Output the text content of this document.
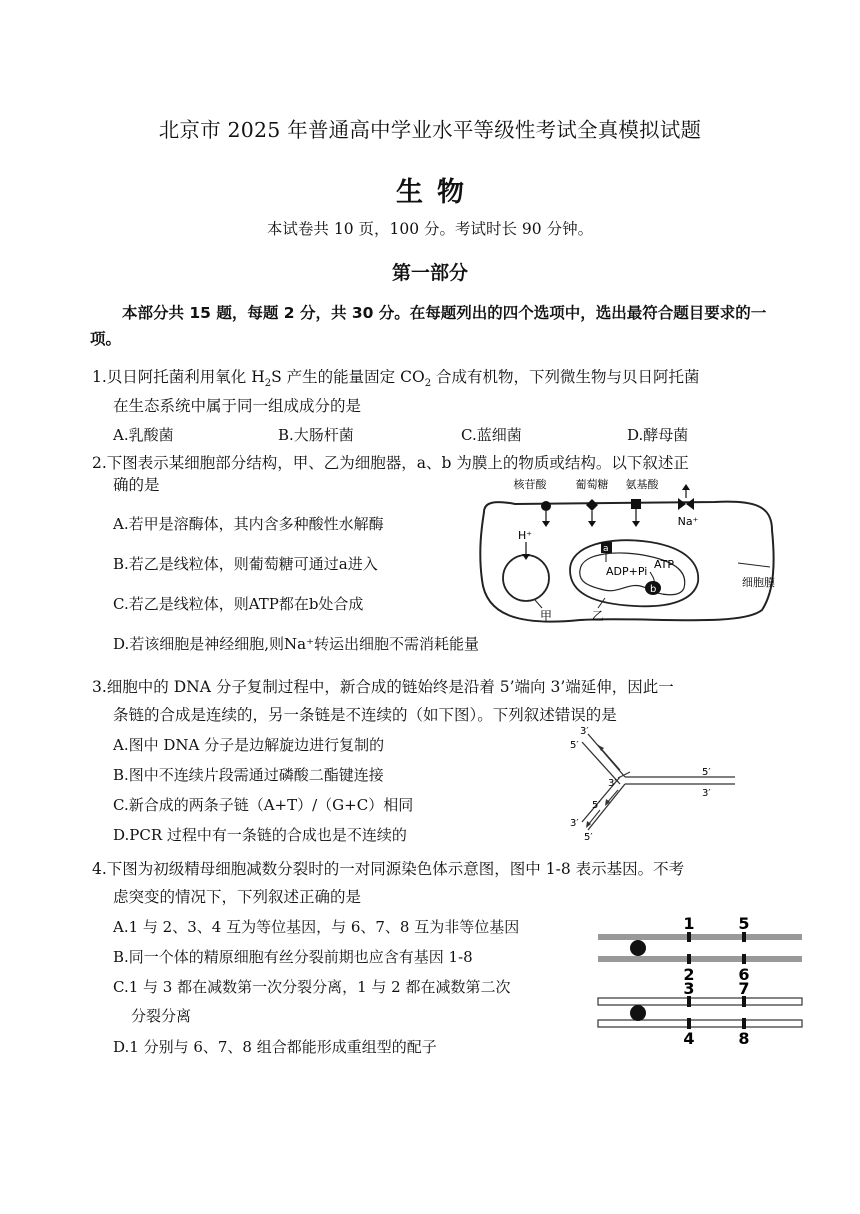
北京市 2025 年普通高中学业水平等级性考试全真模拟试题
生物
本试卷共 10 页，100 分。考试时长 90 分钟。
第一部分
本部分共 15 题，每题 2 分，共 30 分。在每题列出的四个选项中，选出最符合题目要求的一项。
1.贝日阿托菌利用氧化 $H_2S$ 产生的能量固定 $CO_2$ 合成有机物，下列微生物与贝日阿托菌
在生态系统中属于同一组成成分的是
A.乳酸菌	B.大肠杆菌	C.蓝细菌	D.酵母菌
2.下图表示某细胞部分结构，甲、乙为细胞器，a、b 为膜上的物质或结构。以下叙述正
确的是
A.若甲是溶酶体，其内含多种酸性水解酶
B.若乙是线粒体，则葡萄糖可通过a进入
C.若乙是线粒体，则ATP都在b处合成
D.若该细胞是神经细胞,则Na⁺转运出细胞不需消耗能量
核苷酸	葡萄糖 氨基酸
Na⁺
H⁺
甲
a
ADP+Pi
ATP
b
乙
细胞膜
3.细胞中的 DNA 分子复制过程中，新合成的链始终是沿着 5’端向 3’端延伸，因此一
条链的合成是连续的，另一条链是不连续的（如下图）。下列叙述错误的是
A.图中 DNA 分子是边解旋边进行复制的
B.图中不连续片段需通过磷酸二酯键连接
C.新合成的两条子链（A+T）/（G+C）相同
D.PCR 过程中有一条链的合成也是不连续的
3′
5′
3′
5′
3′
5′
3′
5′
4.下图为初级精母细胞减数分裂时的一对同源染色体示意图，图中 1-8 表示基因。不考
虑突变的情况下，下列叙述正确的是
A.1 与 2、3、4 互为等位基因，与 6、7、8 互为非等位基因
B.同一个体的精原细胞有丝分裂前期也应含有基因 1-8
C.1 与 3 都在减数第一次分裂分离，1 与 2 都在减数第二次
分裂分离
D.1 分别与 6、7、8 组合都能形成重组型的配子
1
2
3
4
5
6
7
8
